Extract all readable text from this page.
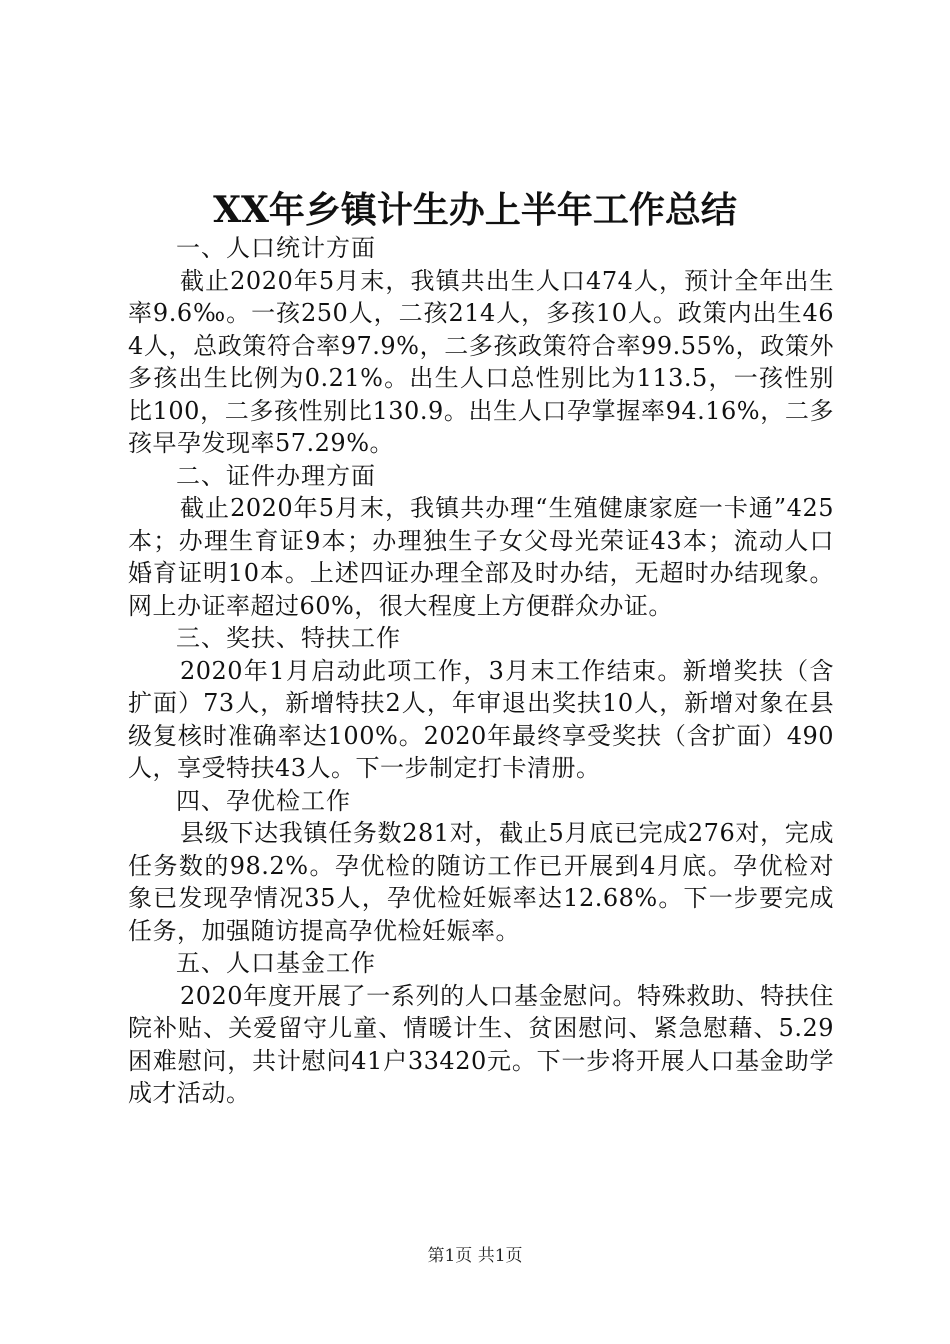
XX年乡镇计生办上半年工作总结

一、人口统计方面

截止2020年5月末，我镇共出生人口474人，预计全年出生率9.6‰。一孩250人，二孩214人，多孩10人。政策内出生464人，总政策符合率97.9%，二多孩政策符合率99.55%，政策外多孩出生比例为0.21%。出生人口总性别比为113.5，一孩性别比100，二多孩性别比130.9。出生人口孕掌握率94.16%，二多孩早孕发现率57.29%。

二、证件办理方面

截止2020年5月末，我镇共办理“生殖健康家庭一卡通”425本；办理生育证9本；办理独生子女父母光荣证43本；流动人口婚育证明10本。上述四证办理全部及时办结，无超时办结现象。网上办证率超过60%，很大程度上方便群众办证。

三、奖扶、特扶工作

2020年1月启动此项工作，3月末工作结束。新增奖扶（含扩面）73人，新增特扶2人，年审退出奖扶10人，新增对象在县级复核时准确率达100%。2020年最终享受奖扶（含扩面）490人，享受特扶43人。下一步制定打卡清册。

四、孕优检工作

县级下达我镇任务数281对，截止5月底已完成276对，完成任务数的98.2%。孕优检的随访工作已开展到4月底。孕优检对象已发现孕情况35人，孕优检妊娠率达12.68%。下一步要完成任务，加强随访提高孕优检妊娠率。

五、人口基金工作

2020年度开展了一系列的人口基金慰问。特殊救助、特扶住院补贴、关爱留守儿童、情暖计生、贫困慰问、紧急慰藉、5.29困难慰问，共计慰问41户33420元。下一步将开展人口基金助学成才活动。

第1页 共1页
